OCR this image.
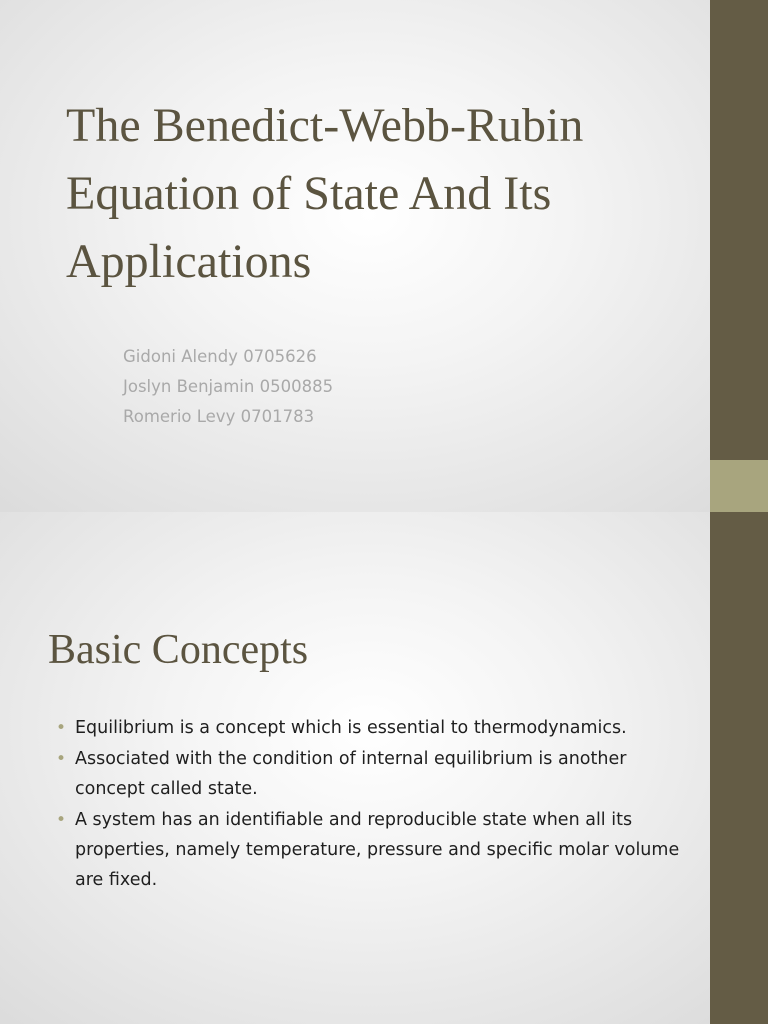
The Benedict-Webb-Rubin Equation of State And Its Applications
Gidoni Alendy 0705626
Joslyn Benjamin 0500885
Romerio Levy 0701783
Basic Concepts
• Equilibrium is a concept which is essential to thermodynamics.
• Associated with the condition of internal equilibrium is another concept called state.
• A system has an identifiable and reproducible state when all its properties, namely temperature, pressure and specific molar volume are fixed.
